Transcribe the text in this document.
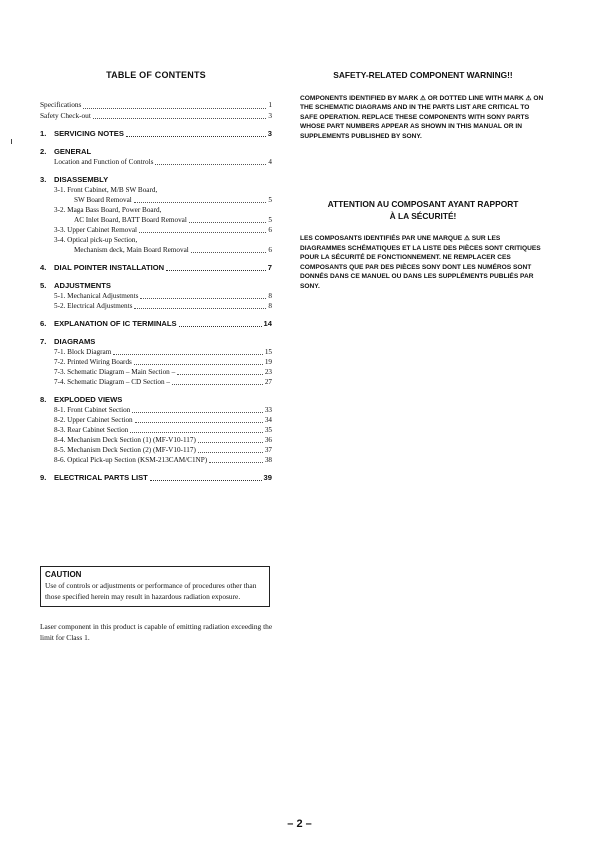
TABLE OF CONTENTS
Specifications	1
Safety Check-out	3
1.	SERVICING NOTES	3
2. GENERAL
Location and Function of Controls	4
3. DISASSEMBLY
3-1. Front Cabinet, M/B SW Board,
SW Board Removal	5
3-2. Maga Bass Board, Power Board,
AC Inlet Board, BATT Board Removal	5
3-3. Upper Cabinet Removal	6
3-4. Optical pick-up Section,
Mechanism deck, Main Board Removal	6
4.	DIAL POINTER INSTALLATION	7
5. ADJUSTMENTS
5-1. Mechanical Adjustments	8
5-2. Electrical Adjustments	8
6.	EXPLANATION OF IC TERMINALS	14
7. DIAGRAMS
7-1. Block Diagram	15
7-2. Printed Wiring Boards	19
7-3. Schematic Diagram – Main Section –	23
7-4. Schematic Diagram – CD Section –	27
8. EXPLODED VIEWS
8-1. Front Cabinet Section	33
8-2. Upper Cabinet Section	34
8-3. Rear Cabinet Section	35
8-4. Mechanism Deck Section (1) (MF-V10-117)	36
8-5. Mechanism Deck Section (2) (MF-V10-117)	37
8-6. Optical Pick-up Section (KSM-213CAM/C1NP)	38
9.	ELECTRICAL PARTS LIST	39
CAUTION
Use of controls or adjustments or performance of procedures other than those specified herein may result in hazardous radiation exposure.
Laser component in this product is capable of emitting radiation exceeding the limit for Class 1.
SAFETY-RELATED COMPONENT WARNING!!
COMPONENTS IDENTIFIED BY MARK ⚠ OR DOTTED LINE WITH MARK ⚠ ON THE SCHEMATIC DIAGRAMS AND IN THE PARTS LIST ARE CRITICAL TO SAFE OPERATION. REPLACE THESE COMPONENTS WITH SONY PARTS WHOSE PART NUMBERS APPEAR AS SHOWN IN THIS MANUAL OR IN SUPPLEMENTS PUBLISHED BY SONY.
ATTENTION AU COMPOSANT AYANT RAPPORT
À LA SÉCURITÉ!
LES COMPOSANTS IDENTIFIÉS PAR UNE MARQUE ⚠ SUR LES DIAGRAMMES SCHÉMATIQUES ET LA LISTE DES PIÈCES SONT CRITIQUES POUR LA SÉCURITÉ DE FONCTIONNEMENT. NE REMPLACER CES COMPOSANTS QUE PAR DES PIÈCES SONY DONT LES NUMÉROS SONT DONNÉS DANS CE MANUEL OU DANS LES SUPPLÉMENTS PUBLIÉS PAR SONY.
– 2 –
